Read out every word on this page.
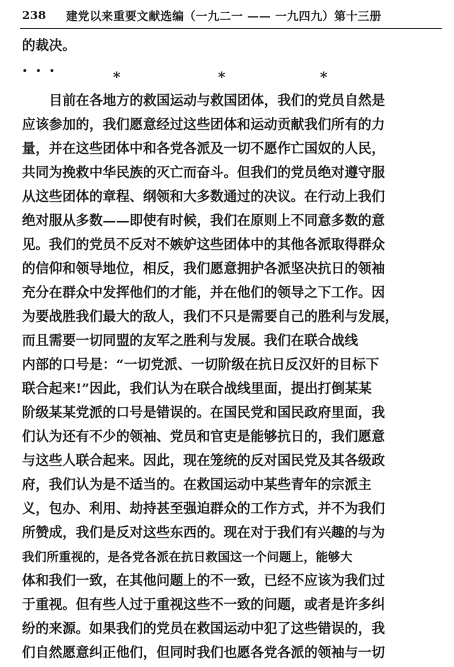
238 建党以来重要文献选编（一九二一 —— 一九四九）第十三册
的裁决。
···	*	*	*
目前在各地方的救国运动与救国团体，我们的党员自然是
应该参加的，我们愿意经过这些团体和运动贡献我们所有的力
量，并在这些团体中和各党各派及一切不愿作亡国奴的人民，
共同为挽救中华民族的灭亡而奋斗。但我们的党员绝对遵守服
从这些团体的章程、纲领和大多数通过的决议。在行动上我们
绝对服从多数——即使有时候，我们在原则上不同意多数的意
见。我们的党员不反对不嫉妒这些团体中的其他各派取得群众
的信仰和领导地位，相反，我们愿意拥护各派坚决抗日的领袖
充分在群众中发挥他们的才能，并在他们的领导之下工作。因
为要战胜我们最大的敌人，我们不只是需要自己的胜利与发展，
而且需要一切同盟的友军之胜利与发展。我们在联合战线
内部的口号是：“一切党派、一切阶级在抗日反汉奸的目标下
联合起来!”因此，我们认为在联合战线里面，提出打倒某某
阶级某某党派的口号是错误的。在国民党和国民政府里面，我
们认为还有不少的领袖、党员和官吏是能够抗日的，我们愿意
与这些人联合起来。因此，现在笼统的反对国民党及其各级政
府，我们认为是不适当的。在救国运动中某些青年的宗派主
义，包办、利用、劫持甚至强迫群众的工作方式，并不为我们
所赞成，我们是反对这些东西的。现在对于我们有兴趣的与为
我们所重视的，是各党各派在抗日救国这一个问题上，能够大
体和我们一致，在其他问题上的不一致，已经不应该为我们过
于重视。但有些人过于重视这些不一致的问题，或者是许多纠
纷的来源。如果我们的党员在救国运动中犯了这些错误的，我
们自然愿意纠正他们，但同时我们也愿各党各派的领袖与一切
